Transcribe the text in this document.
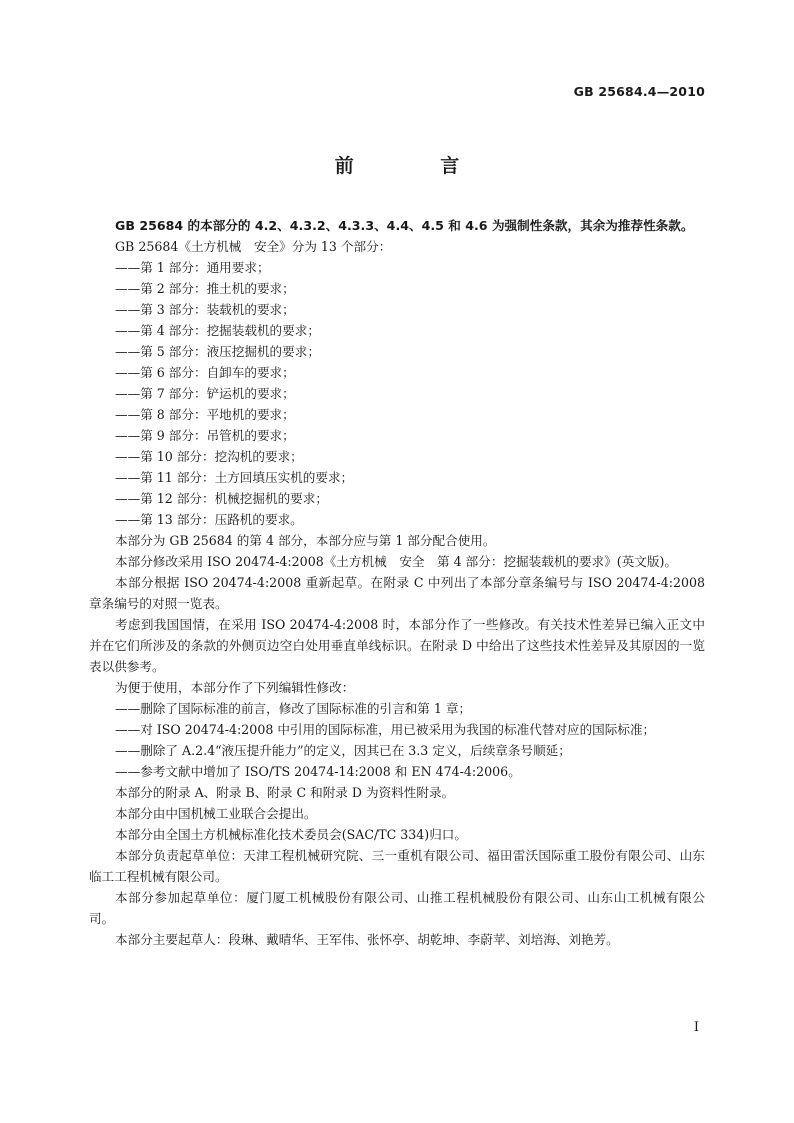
GB 25684.4—2010
前 言

GB 25684 的本部分的 4.2、4.3.2、4.3.3、4.4、4.5 和 4.6 为强制性条款，其余为推荐性条款。

GB 25684《土方机械　安全》分为 13 个部分：

——第 1 部分：通用要求；

——第 2 部分：推土机的要求；

——第 3 部分：装载机的要求；

——第 4 部分：挖掘装载机的要求；

——第 5 部分：液压挖掘机的要求；

——第 6 部分：自卸车的要求；

——第 7 部分：铲运机的要求；

——第 8 部分：平地机的要求；

——第 9 部分：吊管机的要求；

——第 10 部分：挖沟机的要求；

——第 11 部分：土方回填压实机的要求；

——第 12 部分：机械挖掘机的要求；

——第 13 部分：压路机的要求。

本部分为 GB 25684 的第 4 部分，本部分应与第 1 部分配合使用。

本部分修改采用 ISO 20474-4:2008《土方机械　安全　第 4 部分：挖掘装载机的要求》(英文版)。

本部分根据 ISO 20474-4:2008 重新起草。在附录 C 中列出了本部分章条编号与 ISO 20474-4:2008 章条编号的对照一览表。

考虑到我国国情，在采用 ISO 20474-4:2008 时，本部分作了一些修改。有关技术性差异已编入正文中并在它们所涉及的条款的外侧页边空白处用垂直单线标识。在附录 D 中给出了这些技术性差异及其原因的一览表以供参考。

为便于使用，本部分作了下列编辑性修改：

——删除了国际标准的前言，修改了国际标准的引言和第 1 章；

——对 ISO 20474-4:2008 中引用的国际标准，用已被采用为我国的标准代替对应的国际标准；

——删除了 A.2.4“液压提升能力”的定义，因其已在 3.3 定义，后续章条号顺延；

——参考文献中增加了 ISO/TS 20474-14:2008 和 EN 474-4:2006。

本部分的附录 A、附录 B、附录 C 和附录 D 为资料性附录。

本部分由中国机械工业联合会提出。

本部分由全国土方机械标准化技术委员会(SAC/TC 334)归口。

本部分负责起草单位：天津工程机械研究院、三一重机有限公司、福田雷沃国际重工股份有限公司、山东临工工程机械有限公司。

本部分参加起草单位：厦门厦工机械股份有限公司、山推工程机械股份有限公司、山东山工机械有限公司。

本部分主要起草人：段琳、戴晴华、王军伟、张怀亭、胡乾坤、李蔚苹、刘培海、刘艳芳。

I
